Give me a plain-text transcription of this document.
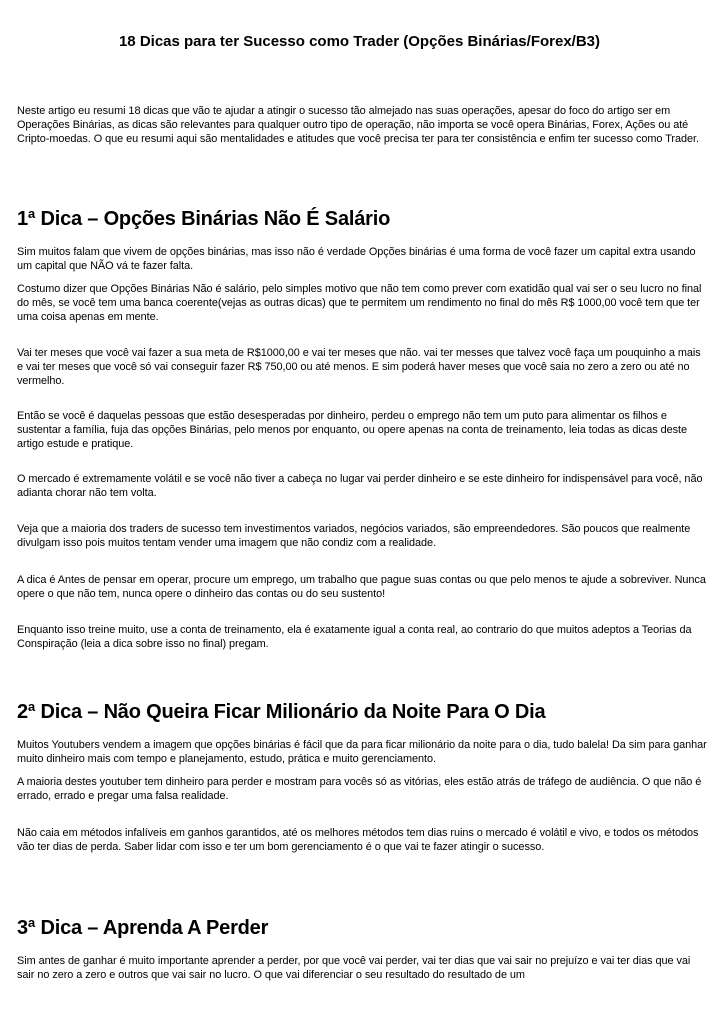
18 Dicas para ter Sucesso como Trader (Opções Binárias/Forex/B3)

Neste artigo eu resumi 18 dicas que vão te ajudar a atingir o sucesso tão almejado nas suas operações, apesar do foco do artigo ser em Operações Binárias, as dicas são relevantes para qualquer outro tipo de operação, não importa se você opera Binárias, Forex, Ações ou até Cripto-moedas. O que eu resumi aqui são mentalidades e atitudes que você precisa ter para ter consistência e enfim ter sucesso como Trader.

1ª Dica – Opções Binárias Não É Salário

Sim muitos falam que vivem de opções binárias, mas isso não é verdade Opções binárias é uma forma de você fazer um capital extra usando um capital que NÃO vá te fazer falta.

Costumo dizer que Opções Binárias Não é salário, pelo simples motivo que não tem como prever com exatidão qual vai ser o seu lucro no final do mês, se você tem uma banca coerente(vejas as outras dicas) que te permitem um rendimento no final do mês R$ 1000,00 você tem que ter uma coisa apenas em mente.

Vai ter meses que você vai fazer a sua meta de R$1000,00 e vai ter meses que não. vai ter messes que talvez você faça um pouquinho a mais e vai ter meses que você só vai conseguir fazer R$ 750,00 ou até menos. E sim poderá haver meses que você saia no zero a zero ou até no vermelho.

Então se você é daquelas pessoas que estão desesperadas por dinheiro, perdeu o emprego não tem um puto para alimentar os filhos e sustentar a família, fuja das opções Binárias, pelo menos por enquanto, ou opere apenas na conta de treinamento, leia todas as dicas deste artigo estude e pratique.

O mercado é extremamente volátil e se você não tiver a cabeça no lugar vai perder dinheiro e se este dinheiro for indispensável para você, não adianta chorar não tem volta.

Veja que a maioria dos traders de sucesso tem investimentos variados, negócios variados, são empreendedores. São poucos que realmente divulgam isso pois muitos tentam vender uma imagem que não condiz com a realidade.

A dica é Antes de pensar em operar, procure um emprego, um trabalho que pague suas contas ou que pelo menos te ajude a sobreviver. Nunca opere o que não tem, nunca opere o dinheiro das contas ou do seu sustento!

Enquanto isso treine muito, use a conta de treinamento, ela é exatamente igual a conta real, ao contrario do que muitos adeptos a Teorias da Conspiração (leia a dica sobre isso no final) pregam.

2ª Dica – Não Queira Ficar Milionário da Noite Para O Dia

Muitos Youtubers vendem a imagem que opções binárias é fácil que da para ficar milionário da noite para o dia, tudo balela! Da sim para ganhar muito dinheiro mais com tempo e planejamento, estudo, prática e muito gerenciamento.

A maioria destes youtuber tem dinheiro para perder e mostram para vocês só as vitórias, eles estão atrás de tráfego de audiência. O que não é errado, errado e pregar uma falsa realidade.

Não caia em métodos infalíveis em ganhos garantidos, até os melhores métodos tem dias ruins o mercado é volátil e vivo, e todos os métodos vão ter dias de perda. Saber lidar com isso e ter um bom gerenciamento é o que vai te fazer atingir o sucesso.

3ª Dica – Aprenda A Perder

Sim antes de ganhar é muito importante aprender a perder, por que você vai perder, vai ter dias que vai sair no prejuízo e vai ter dias que vai sair no zero a zero e outros que vai sair no lucro. O que vai diferenciar o seu resultado do resultado de um
